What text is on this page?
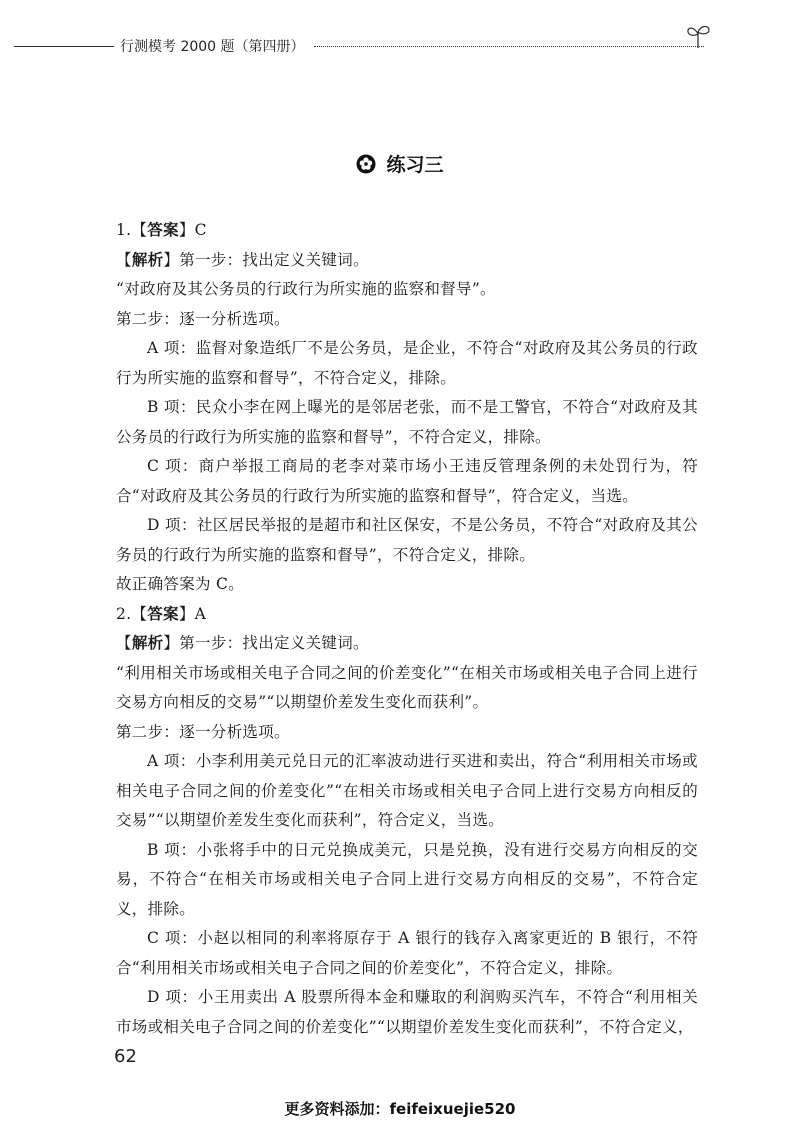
行测模考 2000 题（第四册）
练习三

1.【答案】C

【解析】第一步：找出定义关键词。

“对政府及其公务员的行政行为所实施的监察和督导”。

第二步：逐一分析选项。

A 项：监督对象造纸厂不是公务员，是企业，不符合“对政府及其公务员的行政行为所实施的监察和督导”，不符合定义，排除。

B 项：民众小李在网上曝光的是邻居老张，而不是工警官，不符合“对政府及其公务员的行政行为所实施的监察和督导”，不符合定义，排除。

C 项：商户举报工商局的老李对菜市场小王违反管理条例的未处罚行为，符合“对政府及其公务员的行政行为所实施的监察和督导”，符合定义，当选。

D 项：社区居民举报的是超市和社区保安，不是公务员，不符合“对政府及其公务员的行政行为所实施的监察和督导”，不符合定义，排除。

故正确答案为 C。

2.【答案】A

【解析】第一步：找出定义关键词。

“利用相关市场或相关电子合同之间的价差变化”“在相关市场或相关电子合同上进行交易方向相反的交易”“以期望价差发生变化而获利”。

第二步：逐一分析选项。

A 项：小李利用美元兑日元的汇率波动进行买进和卖出，符合“利用相关市场或相关电子合同之间的价差变化”“在相关市场或相关电子合同上进行交易方向相反的交易”“以期望价差发生变化而获利”，符合定义，当选。

B 项：小张将手中的日元兑换成美元，只是兑换，没有进行交易方向相反的交易，不符合“在相关市场或相关电子合同上进行交易方向相反的交易”，不符合定义，排除。

C 项：小赵以相同的利率将原存于 A 银行的钱存入离家更近的 B 银行，不符合“利用相关市场或相关电子合同之间的价差变化”，不符合定义，排除。

D 项：小王用卖出 A 股票所得本金和赚取的利润购买汽车，不符合“利用相关市场或相关电子合同之间的价差变化”“以期望价差发生变化而获利”，不符合定义，

62
更多资料添加：feifeixuejie520
